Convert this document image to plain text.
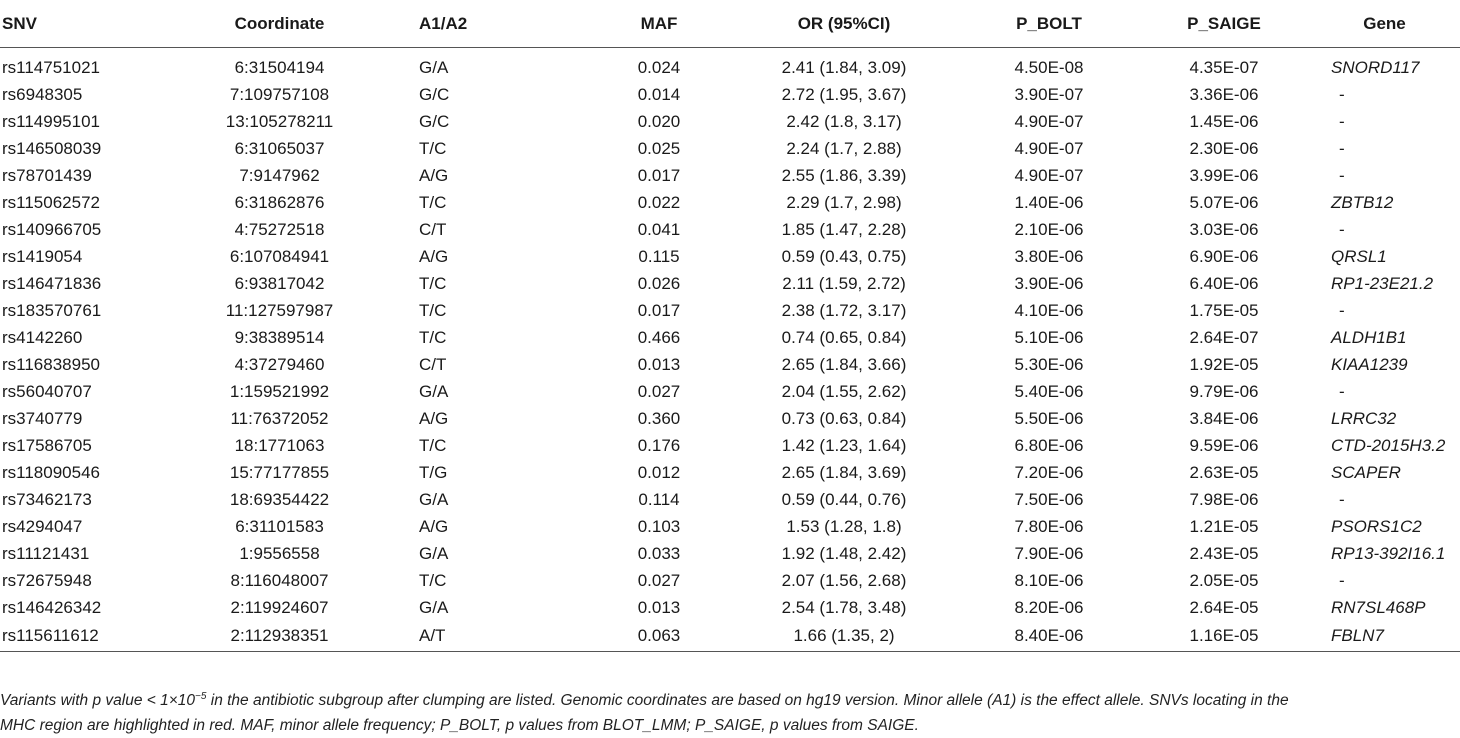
SNV	Coordinate	A1/A2	MAF	OR (95%CI)	P_BOLT	P_SAIGE	Gene
rs114751021	6:31504194	G/A	0.024	2.41 (1.84, 3.09)	4.50E-08	4.35E-07	SNORD117
rs6948305	7:109757108	G/C	0.014	2.72 (1.95, 3.67)	3.90E-07	3.36E-06	-
rs114995101	13:105278211	G/C	0.020	2.42 (1.8, 3.17)	4.90E-07	1.45E-06	-
rs146508039	6:31065037	T/C	0.025	2.24 (1.7, 2.88)	4.90E-07	2.30E-06	-
rs78701439	7:9147962	A/G	0.017	2.55 (1.86, 3.39)	4.90E-07	3.99E-06	-
rs115062572	6:31862876	T/C	0.022	2.29 (1.7, 2.98)	1.40E-06	5.07E-06	ZBTB12
rs140966705	4:75272518	C/T	0.041	1.85 (1.47, 2.28)	2.10E-06	3.03E-06	-
rs1419054	6:107084941	A/G	0.115	0.59 (0.43, 0.75)	3.80E-06	6.90E-06	QRSL1
rs146471836	6:93817042	T/C	0.026	2.11 (1.59, 2.72)	3.90E-06	6.40E-06	RP1-23E21.2
rs183570761	11:127597987	T/C	0.017	2.38 (1.72, 3.17)	4.10E-06	1.75E-05	-
rs4142260	9:38389514	T/C	0.466	0.74 (0.65, 0.84)	5.10E-06	2.64E-07	ALDH1B1
rs116838950	4:37279460	C/T	0.013	2.65 (1.84, 3.66)	5.30E-06	1.92E-05	KIAA1239
rs56040707	1:159521992	G/A	0.027	2.04 (1.55, 2.62)	5.40E-06	9.79E-06	-
rs3740779	11:76372052	A/G	0.360	0.73 (0.63, 0.84)	5.50E-06	3.84E-06	LRRC32
rs17586705	18:1771063	T/C	0.176	1.42 (1.23, 1.64)	6.80E-06	9.59E-06	CTD-2015H3.2
rs118090546	15:77177855	T/G	0.012	2.65 (1.84, 3.69)	7.20E-06	2.63E-05	SCAPER
rs73462173	18:69354422	G/A	0.114	0.59 (0.44, 0.76)	7.50E-06	7.98E-06	-
rs4294047	6:31101583	A/G	0.103	1.53 (1.28, 1.8)	7.80E-06	1.21E-05	PSORS1C2
rs11121431	1:9556558	G/A	0.033	1.92 (1.48, 2.42)	7.90E-06	2.43E-05	RP13-392I16.1
rs72675948	8:116048007	T/C	0.027	2.07 (1.56, 2.68)	8.10E-06	2.05E-05	-
rs146426342	2:119924607	G/A	0.013	2.54 (1.78, 3.48)	8.20E-06	2.64E-05	RN7SL468P
rs115611612	2:112938351	A/T	0.063	1.66 (1.35, 2)	8.40E-06	1.16E-05	FBLN7
Variants with p value < $1\times 10^{-5}$ in the antibiotic subgroup after clumping are listed. Genomic coordinates are based on hg19 version. Minor allele (A1) is the effect allele. SNVs locating in the
MHC region are highlighted in red. MAF, minor allele frequency; P_BOLT, p values from BLOT_LMM; P_SAIGE, p values from SAIGE.
